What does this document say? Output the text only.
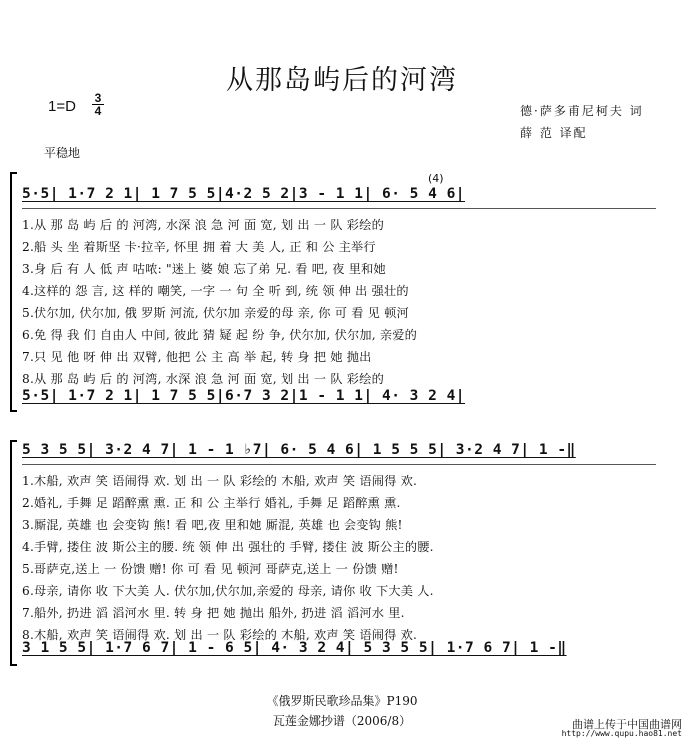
从那岛屿后的河湾
$1=D \frac{3}{4}$	德·萨多甫尼柯夫 词
薛 范 译配
平稳地
(4)
5·5| 1·7 2 1| 1 7 5 5|4·2 5 2|3 - 1 1| 6· 5 4 6|
1.从 那 岛 屿 后 的 河湾, 水深 浪 急 河 面 宽, 划 出 一 队 彩绘的
2.船 头 坐 着斯坚 卡·拉辛, 怀里 拥 着 大 美 人, 正 和 公 主举行
3.身 后 有 人 低 声 咕哝: "迷上 婆 娘 忘了弟 兄. 看 吧, 夜 里和她
4.这样的 怨 言, 这 样的 嘲笑, 一字 一 句 全 听 到, 统 领 伸 出 强壮的
5.伏尔加, 伏尔加, 俄 罗斯 河流, 伏尔加 亲爱的母 亲, 你 可 看 见 顿河
6.免 得 我 们 自由人 中间, 彼此 猜 疑 起 纷 争, 伏尔加, 伏尔加, 亲爱的
7.只 见 他 呀 伸 出 双臂, 他把 公 主 高 举 起, 转 身 把 她 抛出
8.从 那 岛 屿 后 的 河湾, 水深 浪 急 河 面 宽, 划 出 一 队 彩绘的
5·5| 1·7 2 1| 1 7 5 5|6·7 3 2|1 - 1 1| 4· 3 2 4|
5 3 5 5| 3·2 4 7| 1 - 1 ♭7| 6· 5 4 6| 1 5 5 5| 3·2 4 7| 1 -‖
1.木船, 欢声 笑 语闹得 欢. 划 出 一 队 彩绘的 木船, 欢声 笑 语闹得 欢.
2.婚礼, 手舞 足 蹈醉熏 熏. 正 和 公 主举行 婚礼, 手舞 足 蹈醉熏 熏.
3.厮混, 英雄 也 会变钩 熊! 看 吧,夜 里和她 厮混, 英雄 也 会变钩 熊!
4.手臂, 搂住 波 斯公主的腰. 统 领 伸 出 强壮的 手臂, 搂住 波 斯公主的腰.
5.哥萨克,送上 一 份馈 赠! 你 可 看 见 顿河 哥萨克,送上 一 份馈 赠!
6.母亲, 请你 收 下大美 人. 伏尔加,伏尔加,亲爱的 母亲, 请你 收 下大美 人.
7.船外, 扔进 滔 滔河水 里. 转 身 把 她 抛出 船外, 扔进 滔 滔河水 里.
8.木船, 欢声 笑 语闹得 欢. 划 出 一 队 彩绘的 木船, 欢声 笑 语闹得 欢.
3 1 5 5| 1·7 6 7| 1 - 6 5| 4· 3 2 4| 5 3 5 5| 1·7 6 7| 1 -‖
《俄罗斯民歌珍品集》P190
瓦莲金娜抄谱（2006/8）	曲谱上传于中国曲谱网
http://www.qupu.hao81.net
